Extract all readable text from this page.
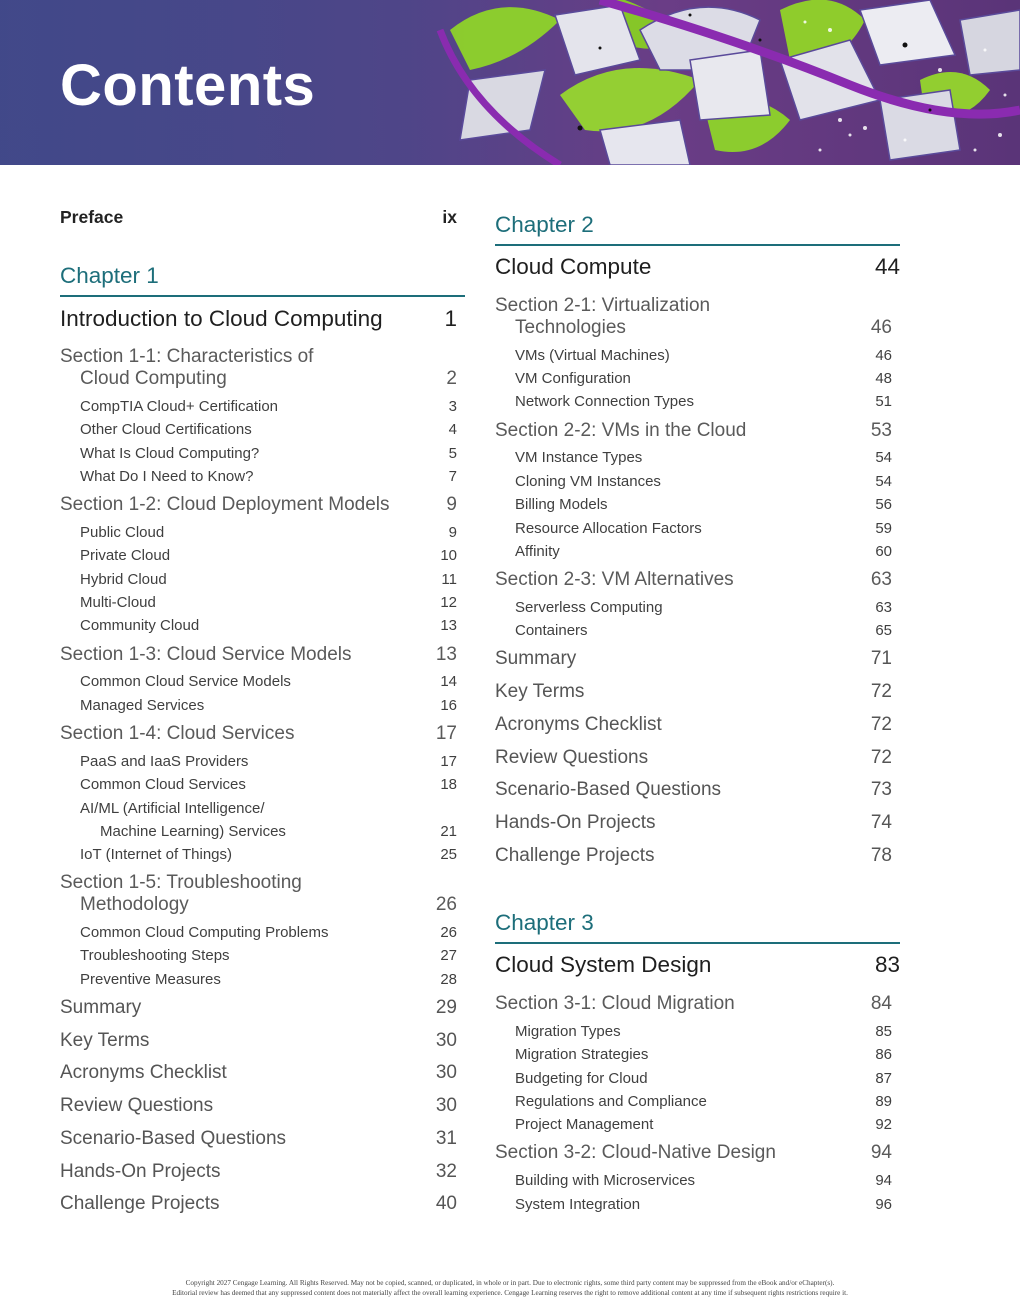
Contents
Preface	ix
Chapter 1
Introduction to Cloud Computing	1
Section 1-1: Characteristics of
Cloud Computing	2
CompTIA Cloud+ Certification	3
Other Cloud Certifications	4
What Is Cloud Computing?	5
What Do I Need to Know?	7
Section 1-2: Cloud Deployment Models	9
Public Cloud	9
Private Cloud	10
Hybrid Cloud	11
Multi-Cloud	12
Community Cloud	13
Section 1-3: Cloud Service Models	13
Common Cloud Service Models	14
Managed Services	16
Section 1-4: Cloud Services	17
PaaS and IaaS Providers	17
Common Cloud Services	18
AI/ML (Artificial Intelligence/
Machine Learning) Services	21
IoT (Internet of Things)	25
Section 1-5: Troubleshooting
Methodology	26
Common Cloud Computing Problems	26
Troubleshooting Steps	27
Preventive Measures	28
Summary	29
Key Terms	30
Acronyms Checklist	30
Review Questions	30
Scenario-Based Questions	31
Hands-On Projects	32
Challenge Projects	40
Chapter 2
Cloud Compute	44
Section 2-1: Virtualization
Technologies	46
VMs (Virtual Machines)	46
VM Configuration	48
Network Connection Types	51
Section 2-2: VMs in the Cloud	53
VM Instance Types	54
Cloning VM Instances	54
Billing Models	56
Resource Allocation Factors	59
Affinity	60
Section 2-3: VM Alternatives	63
Serverless Computing	63
Containers	65
Summary	71
Key Terms	72
Acronyms Checklist	72
Review Questions	72
Scenario-Based Questions	73
Hands-On Projects	74
Challenge Projects	78
Chapter 3
Cloud System Design	83
Section 3-1: Cloud Migration	84
Migration Types	85
Migration Strategies	86
Budgeting for Cloud	87
Regulations and Compliance	89
Project Management	92
Section 3-2: Cloud-Native Design	94
Building with Microservices	94
System Integration	96
Copyright 2027 Cengage Learning. All Rights Reserved. May not be copied, scanned, or duplicated, in whole or in part. Due to electronic rights, some third party content may be suppressed from the eBook and/or eChapter(s).
Editorial review has deemed that any suppressed content does not materially affect the overall learning experience. Cengage Learning reserves the right to remove additional content at any time if subsequent rights restrictions require it.
